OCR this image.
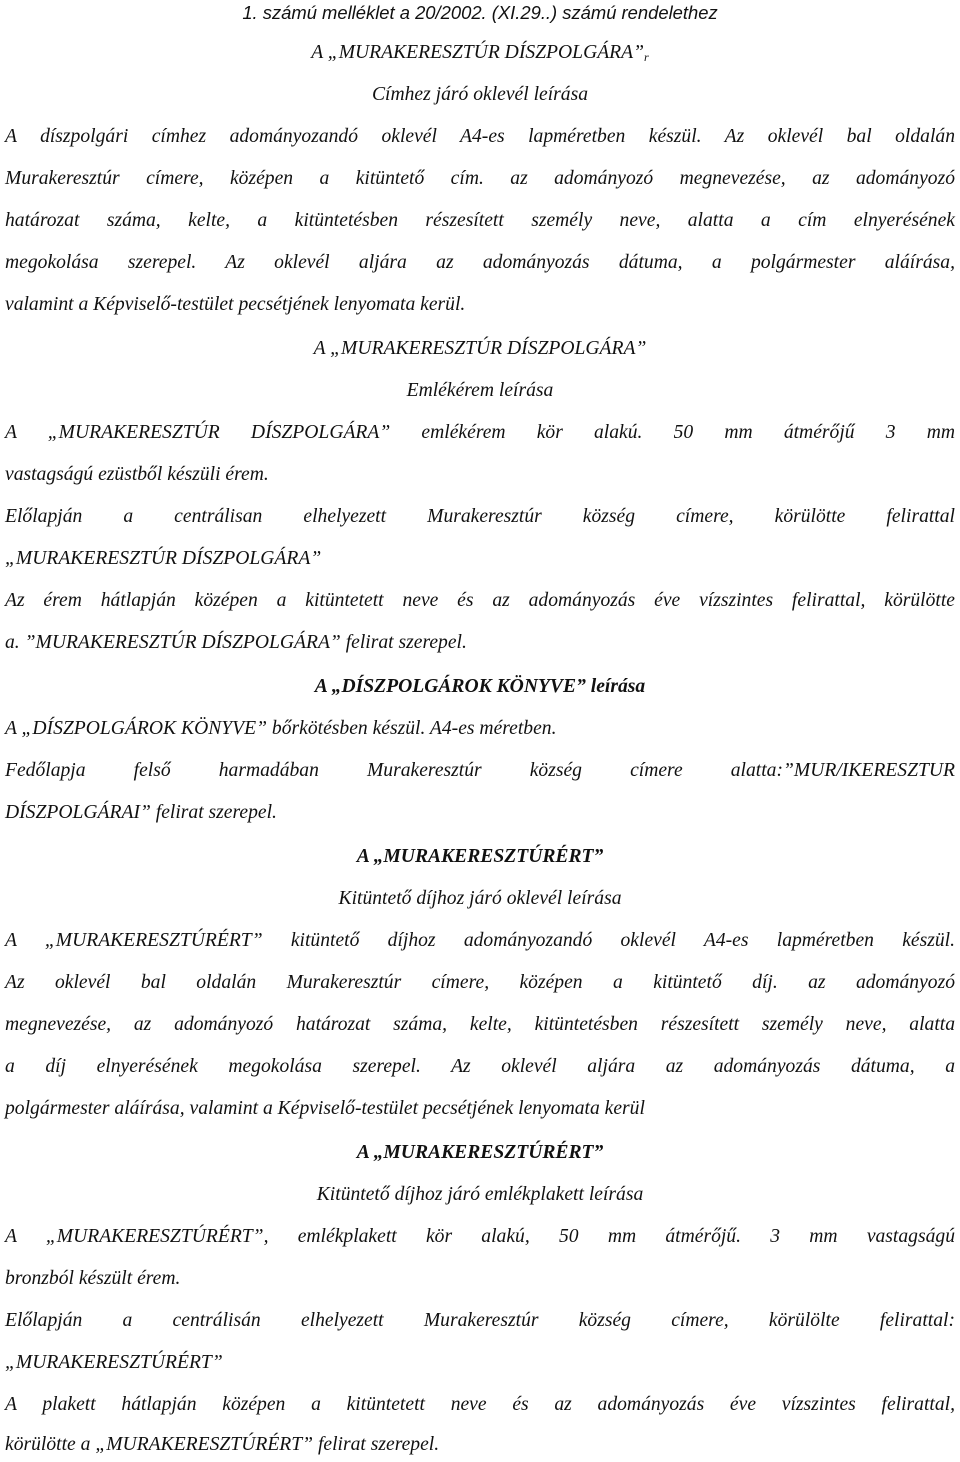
1. számú melléklet a 20/2002. (XI.29..) számú rendelethez
A „MURAKERESZTÚR DÍSZPOLGÁRA”r
Címhez járó oklevél leírása
A díszpolgári címhez adományozandó oklevél A4-es lapméretben készül. Az oklevél bal oldalán
Murakeresztúr címere, középen a kitüntető cím. az adományozó megnevezése, az adományozó
határozat száma, kelte, a kitüntetésben részesített személy neve, alatta a cím elnyerésének
megokolása szerepel. Az oklevél aljára az adományozás dátuma, a polgármester aláírása,
valamint a Képviselő-testület pecsétjének lenyomata kerül.
A „MURAKERESZTÚR DÍSZPOLGÁRA”
Emlékérem leírása
A „MURAKERESZTÚR DÍSZPOLGÁRA” emlékérem kör alakú. 50 mm átmérőjű 3 mm
vastagságú ezüstből készüli érem.
Előlapján a centrálisan elhelyezett Murakeresztúr község címere, körülötte felirattal
„MURAKERESZTÚR DÍSZPOLGÁRA”
Az érem hátlapján középen a kitüntetett neve és az adományozás éve vízszintes felirattal, körülötte
a. ”MURAKERESZTÚR DÍSZPOLGÁRA” felirat szerepel.
A „DÍSZPOLGÁROK KÖNYVE” leírása
A „DÍSZPOLGÁROK KÖNYVE” bőrkötésben készül. A4-es méretben.
Fedőlapja felső harmadában Murakeresztúr község címere alatta:”MUR/IKERESZTUR
DÍSZPOLGÁRAI” felirat szerepel.
A „MURAKERESZTÚRÉRT”
Kitüntető díjhoz járó oklevél leírása
A „MURAKERESZTÚRÉRT” kitüntető díjhoz adományozandó oklevél A4-es lapméretben készül.
Az oklevél bal oldalán Murakeresztúr címere, középen a kitüntető díj. az adományozó
megnevezése, az adományozó határozat száma, kelte, kitüntetésben részesített személy neve, alatta
a díj elnyerésének megokolása szerepel. Az oklevél aljára az adományozás dátuma, a
polgármester aláírása, valamint a Képviselő-testület pecsétjének lenyomata kerül
A „MURAKERESZTÚRÉRT”
Kitüntető díjhoz járó emlékplakett leírása
A „MURAKERESZTÚRÉRT”, emlékplakett kör alakú, 50 mm átmérőjű. 3 mm vastagságú
bronzból készült érem.
Előlapján a centrálisán elhelyezett Murakeresztúr község címere, körülölte felirattal:
„MURAKERESZTÚRÉRT”
A plakett hátlapján középen a kitüntetett neve és az adományozás éve vízszintes felirattal,
körülötte a „MURAKERESZTÚRÉRT” felirat szerepel.
